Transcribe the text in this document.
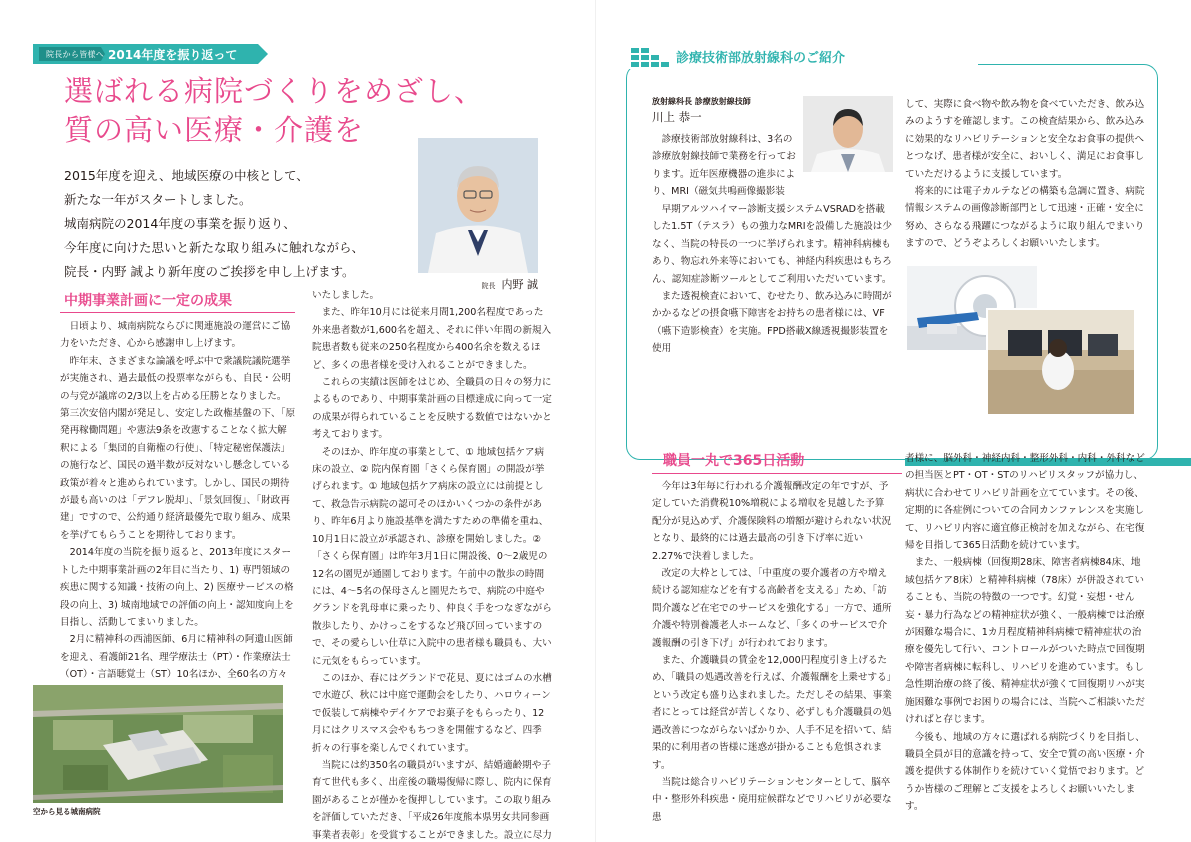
院長から皆様へ 2014年度を振り返って
選ばれる病院づくりをめざし、
質の高い医療・介護を

2015年度を迎え、地域医療の中核として、

新たな一年がスタートしました。

城南病院の2014年度の事業を振り返り、

今年度に向けた思いと新たな取り組みに触れながら、

院長・内野 誠より新年度のご挨拶を申し上げます。

院長 内野 誠
中期事業計画に一定の成果

日頃より、城南病院ならびに関連施設の運営にご協力をいただき、心から感謝申し上げます。

昨年末、さまざまな論議を呼ぶ中で衆議院議院選挙が実施され、過去最低の投票率ながらも、自民・公明の与党が議席の2/3以上を占める圧勝となりました。第三次安倍内閣が発足し、安定した政権基盤の下、「原発再稼働問題」や憲法9条を改憲することなく拡大解釈による「集団的自衛権の行使」、「特定秘密保護法」の施行など、国民の過半数が反対ないし懸念している政策が着々と進められています。しかし、国民の期待が最も高いのは「デフレ脱却」、「景気回復」、「財政再建」ですので、公約通り経済最優先で取り組み、成果を挙げてもらうことを期待しております。

2014年度の当院を振り返ると、2013年度にスタートした中期事業計画の2年目に当たり、1) 専門領域の疾患に関する知識・技術の向上、2) 医療サービスの格段の向上、3) 城南地域での評価の向上・認知度向上を目指し、活動してまいりました。

2月に精神科の西浦医師、6月に精神科の阿遺山医師を迎え、看護師21名、理学療法士（PT）・作業療法士（OT）・言語聴覚士（ST）10名ほか、全60名の方々

いたしました。

また、昨年10月には従来月間1,200名程度であった外来患者数が1,600名を超え、それに伴い年間の新規入院患者数も従来の250名程度から400名余を数えるほど、多くの患者様を受け入れることができました。

これらの実績は医師をはじめ、全職員の日々の努力によるものであり、中期事業計画の目標達成に向って一定の成果が得られていることを反映する数値ではないかと考えております。

そのほか、昨年度の事業として、① 地域包括ケア病床の設立、② 院内保育園「さくら保育園」の開設が挙げられます。① 地域包括ケア病床の設立には前提として、救急告示病院の認可そのほかいくつかの条件があり、昨年6月より施設基準を満たすための準備を重ね、10月1日に設立が承認され、診療を開始しました。② 「さくら保育園」は昨年3月1日に開設後、0～2歳児の12名の園児が通園しております。午前中の散歩の時間には、4～5名の保母さんと園児たちで、病院の中庭やグランドを乳母車に乗ったり、仲良く手をつなぎながら散歩したり、かけっこをするなど飛び回っていますので、その愛らしい仕草に入院中の患者様も職員も、大いに元気をもらっています。

このほか、春にはグランドで花見、夏にはゴムの水槽で水遊び、秋には中庭で運動会をしたり、ハロウィーンで仮装して病棟やデイケアでお菓子をもらったり、12月にはクリスマス会やもちつきを開催するなど、四季折々の行事を楽しんでくれています。

当院には約350名の職員がいますが、結婚適齢期や子育て世代も多く、出産後の職場復帰に際し、院内に保育園があることが僅かを復押ししています。この取り組みを評価していただき、「平成26年度熊本県男女共同参画事業者表彰」を受賞することができました。設立に尽力

空から見る城南病院
診療技術部放射線科のご紹介
放射線科長 診療放射線技師
川上 恭一

診療技術部放射線科は、3名の診療放射線技師で業務を行っております。近年医療機器の進歩により、MRI（磁気共鳴画像撮影装

早期アルツハイマー診断支援システムVSRADを搭載した1.5T（テスラ）もの強力なMRIを設備した施設は少なく、当院の特長の一つに挙げられます。精神科病棟もあり、物忘れ外来等においても、神経内科疾患はもちろん、認知症診断ツールとしてご利用いただいています。

また透視検査において、むせたり、飲み込みに時間がかかるなどの摂食嚥下障害をお持ちの患者様には、VF（嚥下造影検査）を実施。FPD搭載X線透視撮影装置を使用

して、実際に食べ物や飲み物を食べていただき、飲み込みのようすを確認します。この検査結果から、飲み込みに効果的なリハビリテーションと安全なお食事の提供へとつなげ、患者様が安全に、おいしく、満足にお食事していただけるように支援しています。

将来的には電子カルテなどの構築も急調に置き、病院情報システムの画像診断部門として迅速・正確・安全に努め、さらなる飛躍につながるように取り組んでまいりますので、どうぞよろしくお願いいたします。

職員一丸で365日活動

今年は3年毎に行われる介護報酬改定の年ですが、予定していた消費税10%増税による増収を見越した予算配分が見込めず、介護保険料の増額が避けられない状況となり、最終的には過去最高の引き下げ率に近い2.27%で決着しました。

改定の大枠としては、「中重度の要介護者の方や増え続ける認知症などを有する高齢者を支える」ため、「訪問介護など在宅でのサービスを強化する」一方で、通所介護や特別養護老人ホームなど、「多くのサービスで介護報酬の引き下げ」が行われております。

また、介護職員の賃金を12,000円程度引き上げるため、「職員の処遇改善を行えば、介護報酬を上乗せする」という改定も盛り込まれました。ただしその結果、事業者にとっては経営が苦しくなり、必ずしも介護職員の処遇改善につながらないばかりか、人手不足を招いて、結果的に利用者の皆様に迷惑が掛かることも危惧されます。

当院は総合リハビリテーションセンターとして、脳卒中・整形外科疾患・廃用症候群などでリハビリが必要な患

者様に、脳外科・神経内科・整形外科・内科・外科などの担当医とPT・OT・STのリハビリスタッフが協力し、病状に合わせてリハビリ計画を立てています。その後、定期的に各症例についての合同カンファレンスを実施して、リハビリ内容に適宜修正検討を加えながら、在宅復帰を目指して365日活動を続けています。

また、一般病棟（回復期28床、障害者病棟84床、地域包括ケア8床）と精神科病棟（78床）が併設されていることも、当院の特徴の一つです。幻覚・妄想・せん妄・暴力行為などの精神症状が強く、一般病棟では治療が困難な場合に、1カ月程度精神科病棟で精神症状の治療を優先して行い、コントロールがついた時点で回復期や障害者病棟に転科し、リハビリを進めています。もし急性期治療の終了後、精神症状が強くて回復期リハが実施困難な事例でお困りの場合には、当院へご相談いただければと存じます。

今後も、地域の方々に選ばれる病院づくりを目指し、職員全員が目的意識を持って、安全で質の高い医療・介護を提供する体制作りを続けていく覚悟でおります。どうか皆様のご理解とご支援をよろしくお願いいたします。
